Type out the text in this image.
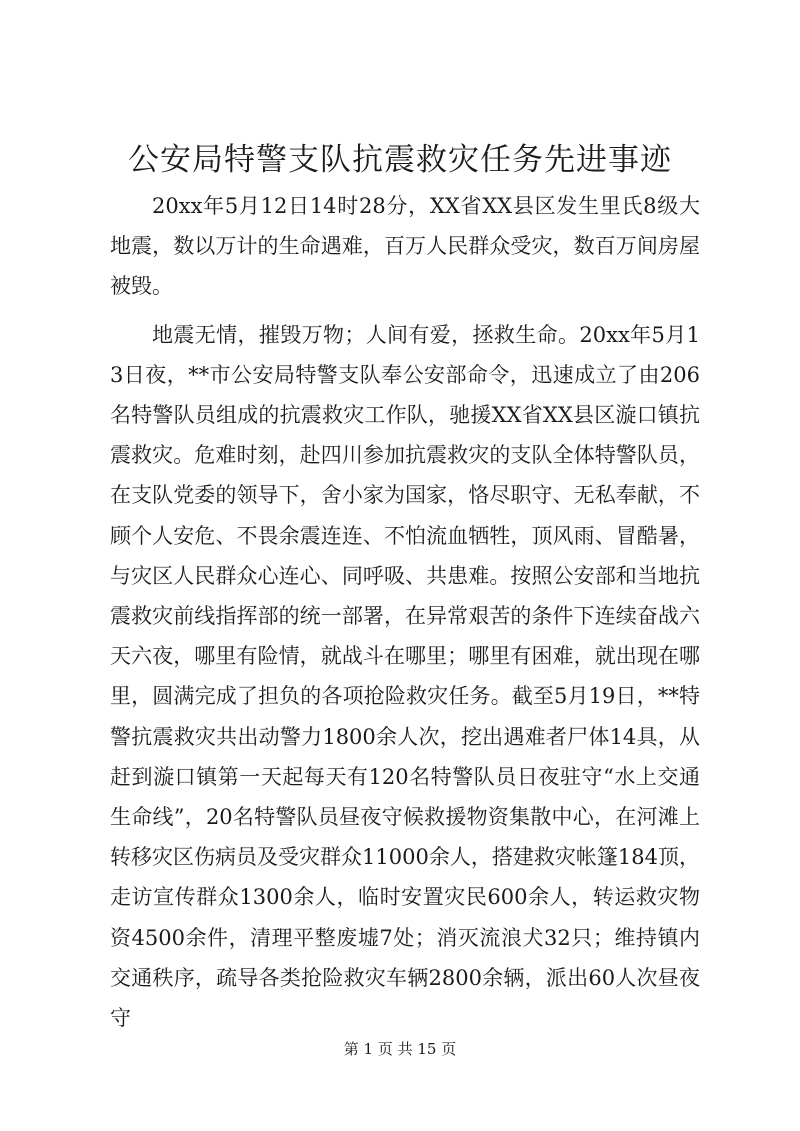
公安局特警支队抗震救灾任务先进事迹

20xx年5月12日14时28分，XX省XX县区发生里氏8级大地震，数以万计的生命遇难，百万人民群众受灾，数百万间房屋被毁。

地震无情，摧毁万物；人间有爱，拯救生命。20xx年5月13日夜，**市公安局特警支队奉公安部命令，迅速成立了由206名特警队员组成的抗震救灾工作队，驰援XX省XX县区漩口镇抗震救灾。危难时刻，赴四川参加抗震救灾的支队全体特警队员，在支队党委的领导下，舍小家为国家，恪尽职守、无私奉献，不顾个人安危、不畏余震连连、不怕流血牺牲，顶风雨、冒酷暑，与灾区人民群众心连心、同呼吸、共患难。按照公安部和当地抗震救灾前线指挥部的统一部署，在异常艰苦的条件下连续奋战六天六夜，哪里有险情，就战斗在哪里；哪里有困难，就出现在哪里，圆满完成了担负的各项抢险救灾任务。截至5月19日，**特警抗震救灾共出动警力1800余人次，挖出遇难者尸体14具，从赶到漩口镇第一天起每天有120名特警队员日夜驻守“水上交通生命线”，20名特警队员昼夜守候救援物资集散中心，在河滩上转移灾区伤病员及受灾群众11000余人，搭建救灾帐篷184顶，走访宣传群众1300余人，临时安置灾民600余人，转运救灾物资4500余件，清理平整废墟7处；消灭流浪犬32只；维持镇内交通秩序，疏导各类抢险救灾车辆2800余辆，派出60人次昼夜守

第 1 页 共 15 页
